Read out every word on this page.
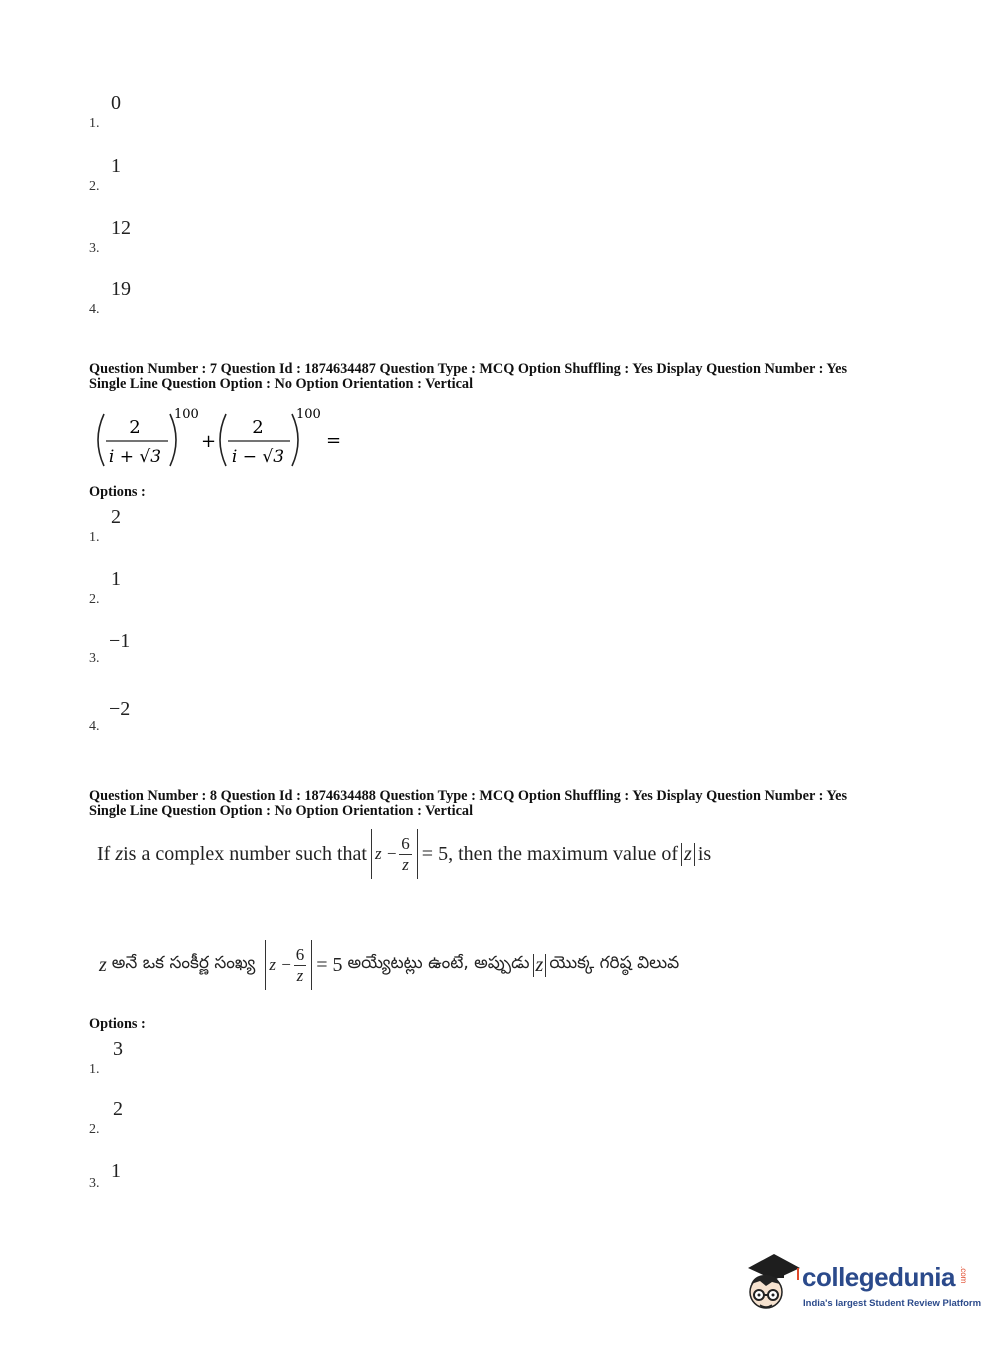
1.
0
2.
1
3.
12
4.
19
Question Number : 7 Question Id : 1874634487 Question Type : MCQ Option Shuffling : Yes Display Question Number : Yes
Single Line Question Option : No Option Orientation : Vertical
2
i + √3
100
+
2
i − √3
100
=
Options :
1.
2
2.
1
3.
−1
4.
−2
Question Number : 8 Question Id : 1874634488 Question Type : MCQ Option Shuffling : Yes Display Question Number : Yes
Single Line Question Option : No Option Orientation : Vertical
If
z is a complex number such that $z - \frac{6}{z} = 5$ , then the maximum value of z is
z
అనే ఒక సంకీర్ణ సంఖ్య $z - \frac{6}{z} = 5$
అయ్యేటట్లు ఉంటే, అప్పుడు z యొక్క గరిష్ఠ విలువ
Options :
1.
3
2.
2
3.
1
collegedunia .com
India's largest Student Review Platform
